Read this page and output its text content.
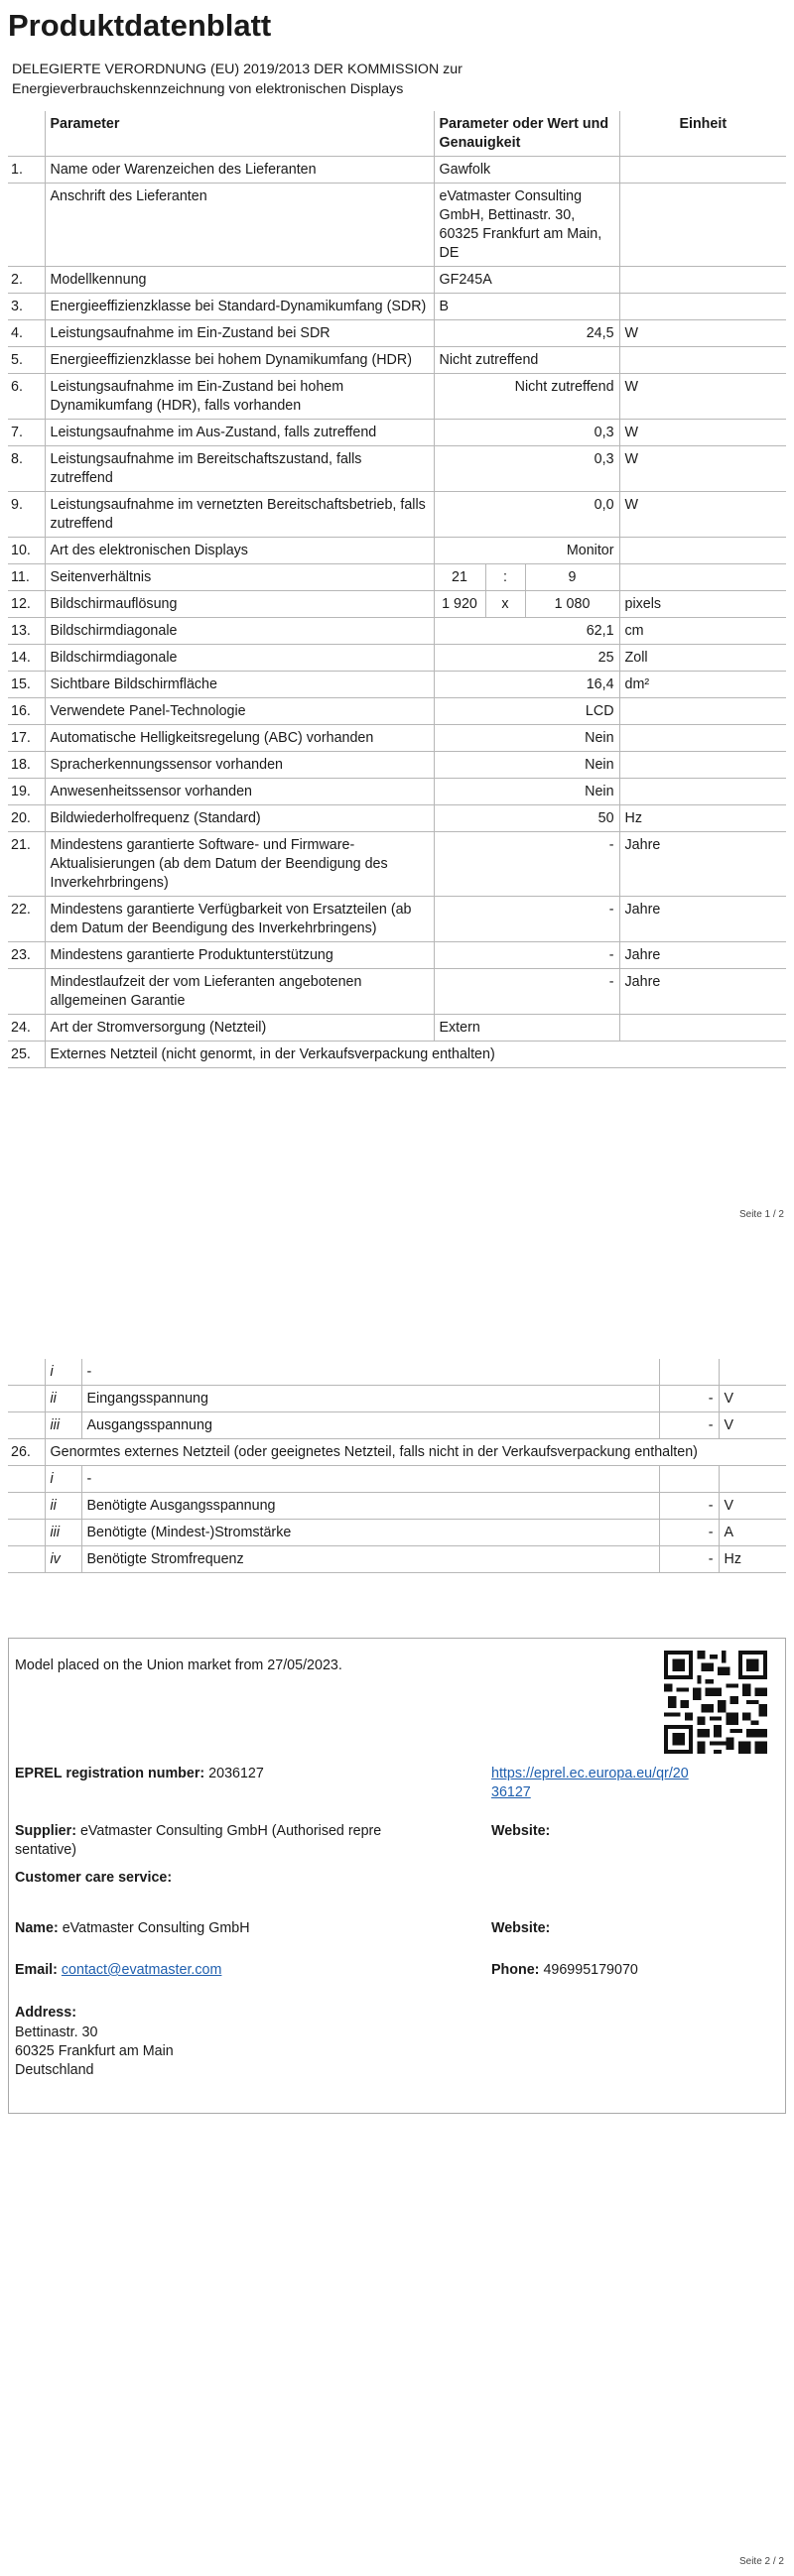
Produktdatenblatt
DELEGIERTE VERORDNUNG (EU) 2019/2013 DER KOMMISSION zur Energieverbrauchskennzeichnung von elektronischen Displays
	Parameter	Parameter oder Wert und Genauigkeit			Einheit
1.	Name oder Warenzeichen des Lieferanten	Gawfolk			
	Anschrift des Lieferanten	eVatmaster Consulting GmbH, Bettinastr. 30, 60325 Frankfurt am Main, DE			
2.	Modellkennung	GF245A			
3.	Energieeffizienzklasse bei Standard-Dynamikumfang (SDR)	B			
4.	Leistungsaufnahme im Ein-Zustand bei SDR	24,5			W
5.	Energieeffizienzklasse bei hohem Dynamikumfang (HDR)	Nicht zutreffend			
6.	Leistungsaufnahme im Ein-Zustand bei hohem Dynamikumfang (HDR), falls vorhanden	Nicht zutreffend			W
7.	Leistungsaufnahme im Aus-Zustand, falls zutreffend	0,3			W
8.	Leistungsaufnahme im Bereitschaftszustand, falls zutreffend	0,3			W
9.	Leistungsaufnahme im vernetzten Bereitschaftsbetrieb, falls zutreffend	0,0			W
10.	Art des elektronischen Displays	Monitor			
11.	Seitenverhältnis	21	:	9	
12.	Bildschirmauflösung	1 920	x	1 080	pixels
13.	Bildschirmdiagonale	62,1			cm
14.	Bildschirmdiagonale	25			Zoll
15.	Sichtbare Bildschirmfläche	16,4			dm²
16.	Verwendete Panel-Technologie	LCD			
17.	Automatische Helligkeitsregelung (ABC) vorhanden	Nein			
18.	Spracherkennungssensor vorhanden	Nein			
19.	Anwesenheitssensor vorhanden	Nein			
20.	Bildwiederholfrequenz (Standard)	50			Hz
21.	Mindestens garantierte Software- und Firmware-Aktualisierungen (ab dem Datum der Beendigung des Inverkehrbringens)	-			Jahre
22.	Mindestens garantierte Verfügbarkeit von Ersatzteilen (ab dem Datum der Beendigung des Inverkehrbringens)	-			Jahre
23.	Mindestens garantierte Produktunterstützung	-			Jahre
	Mindestlaufzeit der vom Lieferanten angebotenen allgemeinen Garantie	-			Jahre
24.	Art der Stromversorgung (Netzteil)	Extern			
25.	Externes Netzteil (nicht genormt, in der Verkaufsverpackung enthalten)				
Seite 1 / 2
	i	-		
	ii	Eingangsspannung	-	V
	iii	Ausgangsspannung	-	V
26.	Genormtes externes Netzteil (oder geeignetes Netzteil, falls nicht in der Verkaufsverpackung enthalten)			
	i	-		
	ii	Benötigte Ausgangsspannung	-	V
	iii	Benötigte (Mindest-)Stromstärke	-	A
	iv	Benötigte Stromfrequenz	-	Hz
Model placed on the Union market from 27/05/2023.
EPREL registration number: 2036127	https://eprel.ec.europa.eu/qr/20
36127
Supplier: eVatmaster Consulting GmbH (Authorised repre
sentative)
Website:
Customer care service:
Name: eVatmaster Consulting GmbH	Website:
Email: contact@evatmaster.com	Phone: 496995179070
Address:
Bettinastr. 30
60325 Frankfurt am Main
Deutschland
Seite 2 / 2
